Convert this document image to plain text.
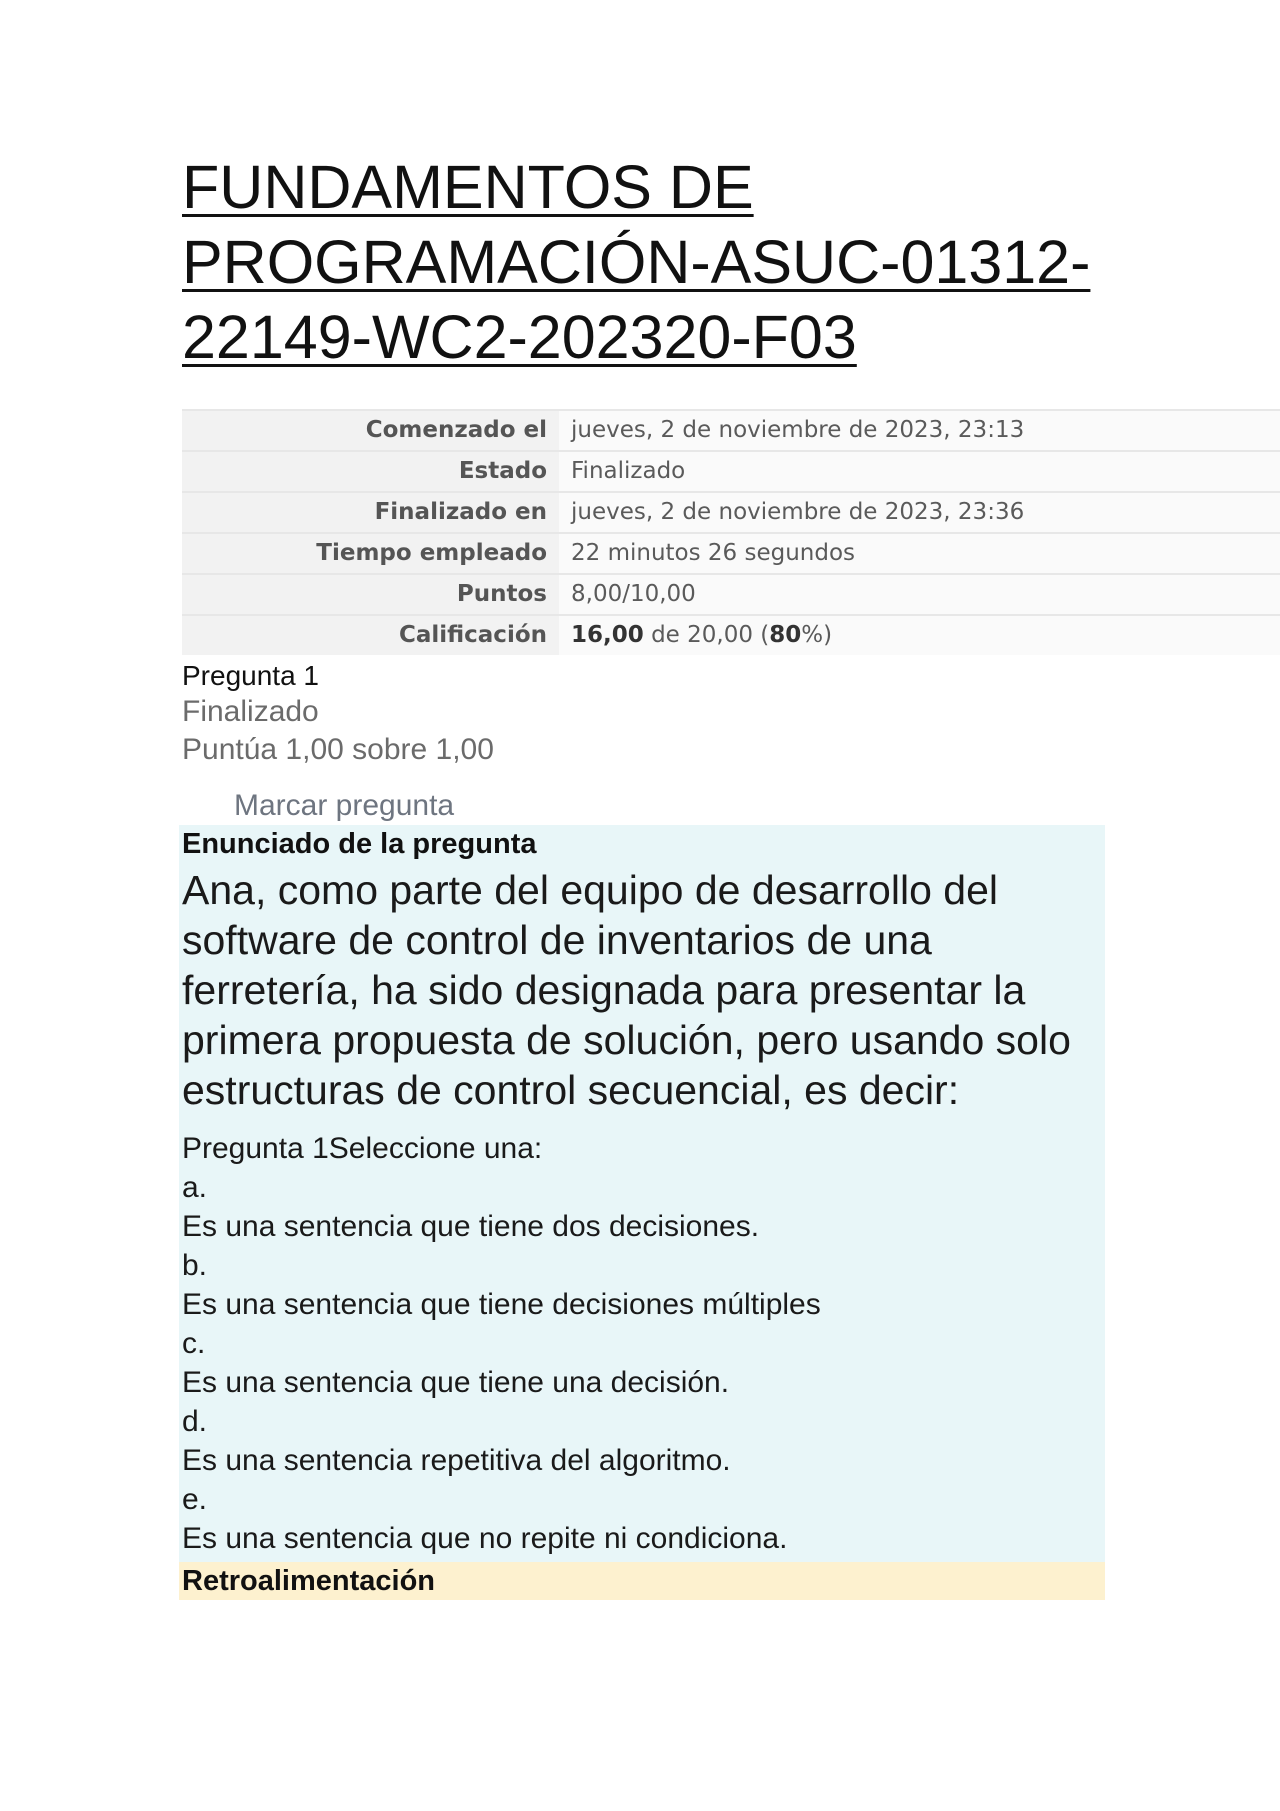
FUNDAMENTOS DE PROGRAMACIÓN-ASUC-01312-22149-WC2-202320-F03
Comenzado el	jueves, 2 de noviembre de 2023, 23:13
Estado	Finalizado
Finalizado en	jueves, 2 de noviembre de 2023, 23:36
Tiempo empleado	22 minutos 26 segundos
Puntos	8,00/10,00
Calificación	16,00 de 20,00 (80%)
Pregunta 1
Finalizado
Puntúa 1,00 sobre 1,00
Marcar pregunta
Enunciado de la pregunta
Ana, como parte del equipo de desarrollo del software de control de inventarios de una ferretería, ha sido designada para presentar la primera propuesta de solución, pero usando solo estructuras de control secuencial, es decir:
Pregunta 1Seleccione una:
a.
Es una sentencia que tiene dos decisiones.
b.
Es una sentencia que tiene decisiones múltiples
c.
Es una sentencia que tiene una decisión.
d.
Es una sentencia repetitiva del algoritmo.
e.
Es una sentencia que no repite ni condiciona.
Retroalimentación
